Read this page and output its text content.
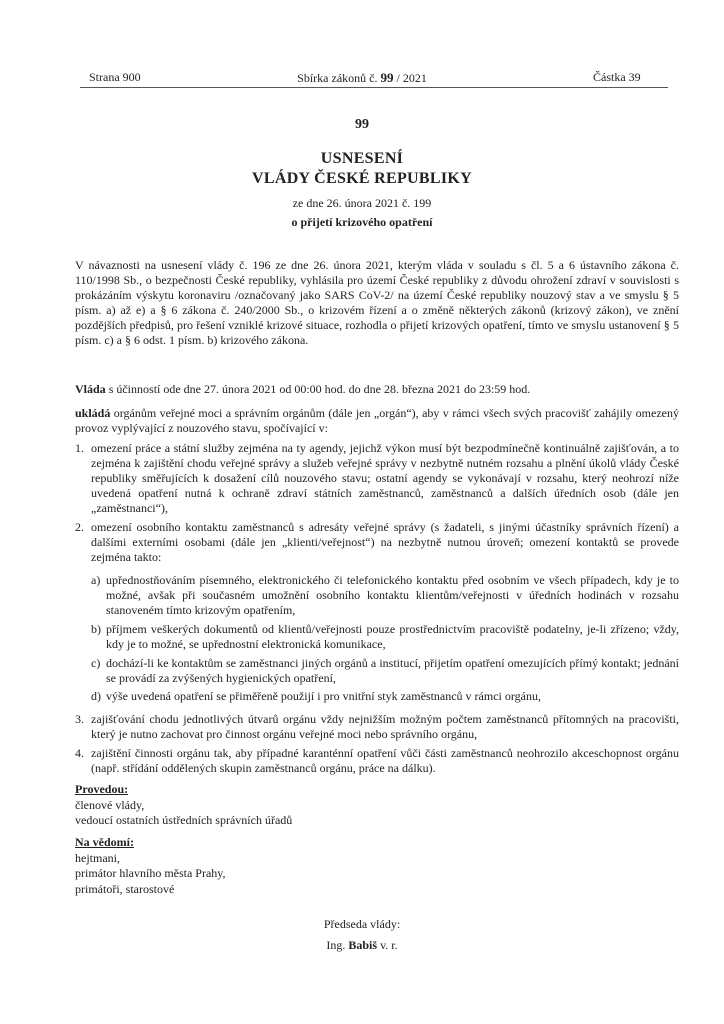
Strana 900	Sbírka zákonů č. 99 / 2021	Částka 39
99
USNESENÍ
VLÁDY ČESKÉ REPUBLIKY
ze dne 26. února 2021 č. 199
o přijetí krizového opatření

V návaznosti na usnesení vlády č. 196 ze dne 26. února 2021, kterým vláda v souladu s čl. 5 a 6 ústavního zákona č. 110/1998 Sb., o bezpečnosti České republiky, vyhlásila pro území České republiky z důvodu ohrožení zdraví v souvislosti s prokázáním výskytu koronaviru /označovaný jako SARS CoV-2/ na území České republiky nouzový stav a ve smyslu § 5 písm. a) až e) a § 6 zákona č. 240/2000 Sb., o krizovém řízení a o změně některých zákonů (krizový zákon), ve znění pozdějších předpisů, pro řešení vzniklé krizové situace, rozhodla o přijetí krizových opatření, tímto ve smyslu ustanovení § 5 písm. c) a § 6 odst. 1 písm. b) krizového zákona.

Vláda s účinností ode dne 27. února 2021 od 00:00 hod. do dne 28. března 2021 do 23:59 hod.

ukládá orgánům veřejné moci a správním orgánům (dále jen „orgán“), aby v rámci všech svých pracovišť zahájily omezený provoz vyplývající z nouzového stavu, spočívající v:

1. omezení práce a státní služby zejména na ty agendy, jejichž výkon musí být bezpodmínečně kontinuálně zajišťován, a to zejména k zajištění chodu veřejné správy a služeb veřejné správy v nezbytně nutném rozsahu a plnění úkolů vlády České republiky směřujících k dosažení cílů nouzového stavu; ostatní agendy se vykonávají v rozsahu, který neohrozí níže uvedená opatření nutná k ochraně zdraví státních zaměstnanců, zaměstnanců a dalších úředních osob (dále jen „zaměstnanci“),

2. omezení osobního kontaktu zaměstnanců s adresáty veřejné správy (s žadateli, s jinými účastníky správních řízení) a dalšími externími osobami (dále jen „klienti/veřejnost“) na nezbytně nutnou úroveň; omezení kontaktů se provede zejména takto:

a) upřednostňováním písemného, elektronického či telefonického kontaktu před osobním ve všech případech, kdy je to možné, avšak při současném umožnění osobního kontaktu klientům/veřejnosti v úředních hodinách v rozsahu stanoveném tímto krizovým opatřením,

b) příjmem veškerých dokumentů od klientů/veřejnosti pouze prostřednictvím pracoviště podatelny, je-li zřízeno; vždy, kdy je to možné, se upřednostní elektronická komunikace,

c) dochází-li ke kontaktům se zaměstnanci jiných orgánů a institucí, přijetím opatření omezujících přímý kontakt; jednání se provádí za zvýšených hygienických opatření,

d) výše uvedená opatření se přiměřeně použijí i pro vnitřní styk zaměstnanců v rámci orgánu,

3. zajišťování chodu jednotlivých útvarů orgánu vždy nejnižším možným počtem zaměstnanců přítomných na pracovišti, který je nutno zachovat pro činnost orgánu veřejné moci nebo správního orgánu,

4. zajištění činnosti orgánu tak, aby případné karanténní opatření vůči části zaměstnanců neohrozilo akceschopnost orgánu (např. střídání oddělených skupin zaměstnanců orgánu, práce na dálku).

Provedou:
členové vlády,
vedoucí ostatních ústředních správních úřadů
Na vědomí:
hejtmani,
primátor hlavního města Prahy,
primátoři, starostové
Předseda vlády:
Ing. Babiš v. r.
